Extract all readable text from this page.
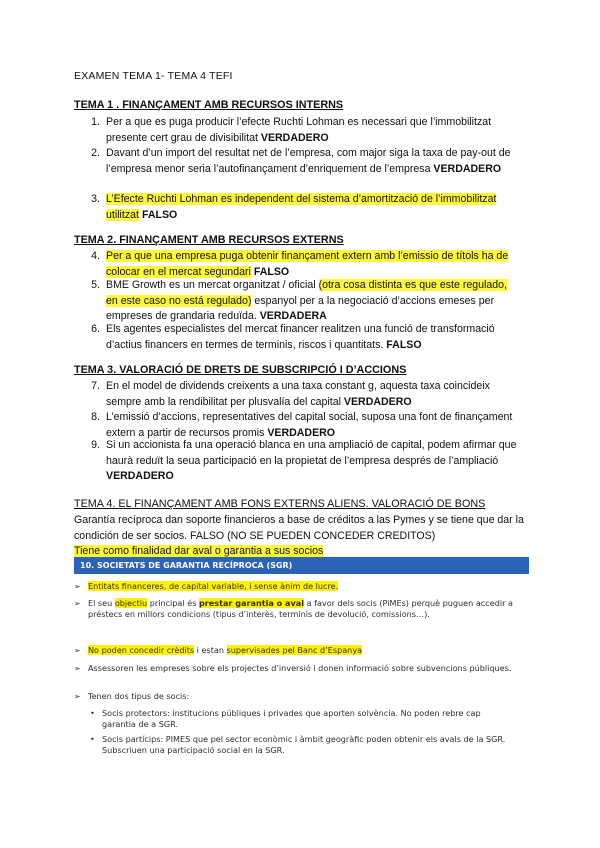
EXAMEN TEMA 1- TEMA 4 TEFI
TEMA 1 . FINANÇAMENT AMB RECURSOS INTERNS
1. Per a que es puga producir l’efecte Ruchti Lohman es necessari que l’immobilitzat presente cert grau de divisibilitat VERDADERO
2. Davant d’un import del resultat net de l’empresa, com major siga la taxa de pay-out de l’empresa menor seria l’autofinançament d’enriquement de l’empresa VERDADERO
3. L’Efecte Ruchti Lohman es independent del sistema d’amortització de l’immobilitzat utilitzat FALSO
TEMA 2. FINANÇAMENT AMB RECURSOS EXTERNS
4. Per a que una empresa puga obtenir finançament extern amb l’emissio de títols ha de colocar en el mercat segundari FALSO
5. BME Growth es un mercat organitzat / oficial (otra cosa distinta es que este regulado, en este caso no está regulado) espanyol per a la negociació d’accions emeses per empreses de grandaria reduïda. VERDADERA
6. Els agentes especialistes del mercat financer realitzen una funció de transformació d’actius financers en termes de terminis, riscos i quantitats. FALSO
TEMA 3. VALORACIÓ DE DRETS DE SUBSCRIPCIÓ I D’ACCIONS
7. En el model de dividends creixents a una taxa constant g, aquesta taxa coincideix sempre amb la rendibilitat per plusvalía del capital VERDADERO
8. L’emissió d’accions, representatives del capital social, suposa una font de finançament extern a partir de recursos promis VERDADERO
9. Si un accionista fa una operació blanca en una ampliació de capital, podem afirmar que haurà reduït la seua participació en la propietat de l’empresa després de l’ampliació VERDADERO
TEMA 4. EL FINANÇAMENT AMB FONS EXTERNS ALIENS. VALORACIÓ DE BONS
Garantía recíproca dan soporte financieros a base de créditos a las Pymes y se tiene que dar la condición de ser socios. FALSO (NO SE PUEDEN CONCEDER CREDITOS)
Tiene como finalidad dar aval o garantia a sus socios
10. SOCIETATS DE GARANTIA RECÍPROCA (SGR)
➢ Entitats financeres, de capital variable, i sense ànim de lucre.
➢ El seu objectiu principal és prestar garantia o aval a favor dels socis (PiMEs) perquè puguen accedir a préstecs en millors condicions (tipus d’interès, terminis de devolució, comissions…).
➢ No poden concedir crèdits i estan supervisades pel Banc d’Espanya
➢ Assessoren les empreses sobre els projectes d’inversió i donen informació sobre subvencions públiques.
➢ Tenen dos tipus de socis:
• Socis protectors: institucions públiques i privades que aporten solvència. No poden rebre cap garantia de a SGR.
• Socis partícips: PIMES que pel sector econòmic i àmbit geogràfic poden obtenir els avals de la SGR. Subscriuen una participació social en la SGR.
